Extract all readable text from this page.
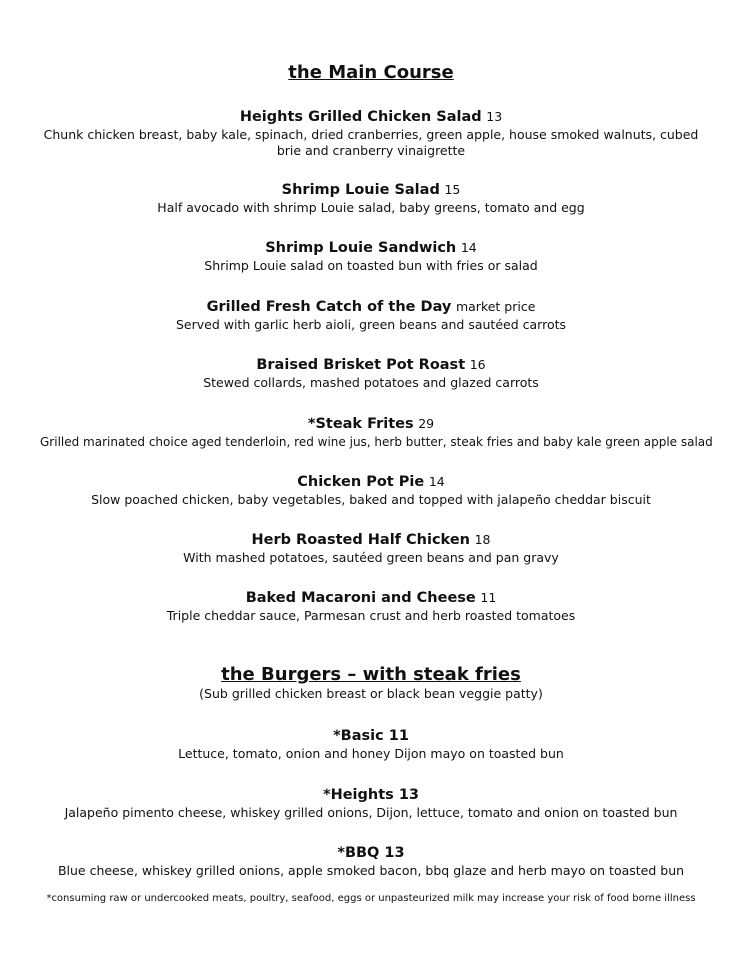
the Main Course
Heights Grilled Chicken Salad 13
Chunk chicken breast, baby kale, spinach, dried cranberries, green apple, house smoked walnuts, cubed brie and cranberry vinaigrette
Shrimp Louie Salad 15
Half avocado with shrimp Louie salad, baby greens, tomato and egg
Shrimp Louie Sandwich 14
Shrimp Louie salad on toasted bun with fries or salad
Grilled Fresh Catch of the Day market price
Served with garlic herb aioli, green beans and sautéed carrots
Braised Brisket Pot Roast 16
Stewed collards, mashed potatoes and glazed carrots
*Steak Frites 29
Grilled marinated choice aged tenderloin, red wine jus, herb butter, steak fries and baby kale green apple salad
Chicken Pot Pie 14
Slow poached chicken, baby vegetables, baked and topped with jalapeño cheddar biscuit
Herb Roasted Half Chicken 18
With mashed potatoes, sautéed green beans and pan gravy
Baked Macaroni and Cheese 11
Triple cheddar sauce, Parmesan crust and herb roasted tomatoes
the Burgers – with steak fries
(Sub grilled chicken breast or black bean veggie patty)
*Basic 11
Lettuce, tomato, onion and honey Dijon mayo on toasted bun
*Heights 13
Jalapeño pimento cheese, whiskey grilled onions, Dijon, lettuce, tomato and onion on toasted bun
*BBQ 13
Blue cheese, whiskey grilled onions, apple smoked bacon, bbq glaze and herb mayo on toasted bun
*consuming raw or undercooked meats, poultry, seafood, eggs or unpasteurized milk may increase your risk of food borne illness
